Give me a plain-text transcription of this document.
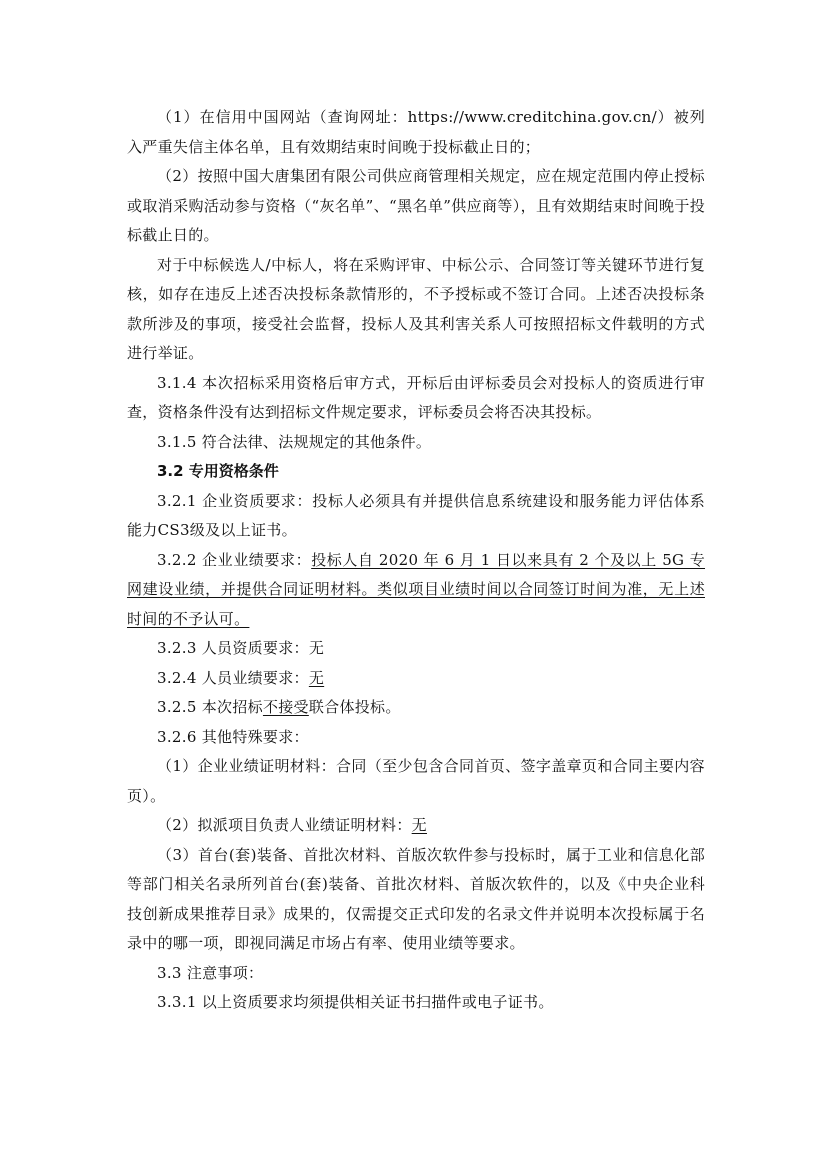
（1）在信用中国网站（查询网址：https://www.creditchina.gov.cn/）被列入严重失信主体名单，且有效期结束时间晚于投标截止日的；

（2）按照中国大唐集团有限公司供应商管理相关规定，应在规定范围内停止授标或取消采购活动参与资格（“灰名单”、“黑名单”供应商等），且有效期结束时间晚于投标截止日的。

对于中标候选人/中标人，将在采购评审、中标公示、合同签订等关键环节进行复核，如存在违反上述否决投标条款情形的，不予授标或不签订合同。上述否决投标条款所涉及的事项，接受社会监督，投标人及其利害关系人可按照招标文件载明的方式进行举证。

3.1.4 本次招标采用资格后审方式，开标后由评标委员会对投标人的资质进行审查，资格条件没有达到招标文件规定要求，评标委员会将否决其投标。

3.1.5 符合法律、法规规定的其他条件。

3.2 专用资格条件

3.2.1 企业资质要求：投标人必须具有并提供信息系统建设和服务能力评估体系能力CS3级及以上证书。

3.2.2 企业业绩要求：投标人自 2020 年 6 月 1 日以来具有 2 个及以上 5G 专网建设业绩，并提供合同证明材料。类似项目业绩时间以合同签订时间为准，无上述时间的不予认可。

3.2.3 人员资质要求：无

3.2.4 人员业绩要求：无

3.2.5 本次招标不接受联合体投标。

3.2.6 其他特殊要求：

（1）企业业绩证明材料：合同（至少包含合同首页、签字盖章页和合同主要内容页）。

（2）拟派项目负责人业绩证明材料：无

（3）首台(套)装备、首批次材料、首版次软件参与投标时，属于工业和信息化部等部门相关名录所列首台(套)装备、首批次材料、首版次软件的，以及《中央企业科技创新成果推荐目录》成果的，仅需提交正式印发的名录文件并说明本次投标属于名录中的哪一项，即视同满足市场占有率、使用业绩等要求。

3.3 注意事项：

3.3.1 以上资质要求均须提供相关证书扫描件或电子证书。
